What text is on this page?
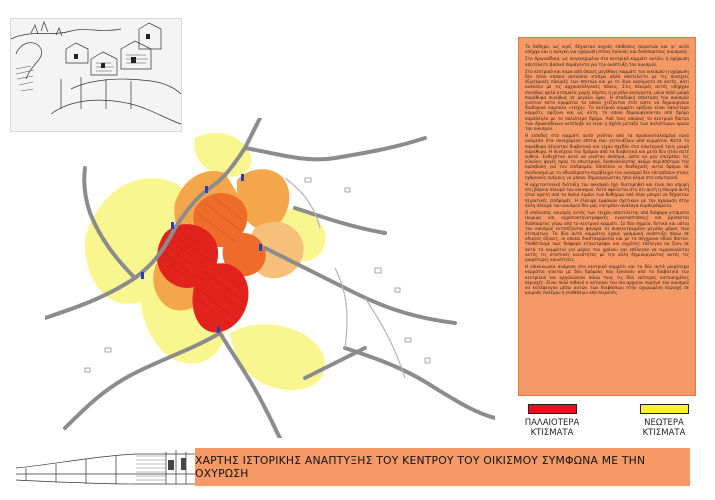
Το Κύθηρο, ως νησί, δέχονταν συχνές επιθέσεις πειρατών και γι' αυτό υπήρχε και η ανάγκη για οχύρωση στους παλιούς και διάσπαρτους οικισμούς.

Στο Αρωνιάδικα, ως συγκεκριμένα στο κεντρικό κομμάτι αυτών, η οχύρωση αποτελείτε βασικό παράγοντα για την ανάπτυξη του οικισμού.

Στο κεντρικό και καρα από όποιες μεγέθους κομμάτι του οικισμού η οχύρωση δεν ήταν κάποιο αυτούσιο κτίσμα αλλά αποτελείτο με τις συνεχείς εξωτερικές πλευρές των σπιτιών και με το λίγα ανοίγματα σε αυτές, κάτι ανάλογο με τις αρχαιοελληνικές πόλεις. Στις πλευρές αυτές υπήρχαν συνήθως ψηλά κτίσματα χωρίς πόρτες ή μεγάλα ανοίγματα, μόνο πολύ μικρά παράθυρα συνήθως σε μεγάλο ύψος. Η σταδιακή επέκταση του οικισμού γινόταν κατά κομμάτια τα οποία χτίζονταν έτσι ώστε να δημιουργούν διαδοχικά καμπύλα «τείχη». Το κεντρικό κομμάτι ορίζουν είναι παλιότερο κομμάτι, ορίζουν και ως κύτη, το οποίο δημιουργούνταν από δρόμο παράλληλο με το παλιότερο δρόμο. Από τους οποίους το κεντρικό δίκτυο των Αρωνιάδικων κατέληξε να είναι η σχέση μεταξύ των παλιότερων οριών του οικισμού.

Η είσοδος στο κομμάτι αυτό γινόταν από τα προσανατολισμένα κενά ανάμεσα στα συνεχόμενα σπίτια που γειτνιάζουν από κομμάτια. Κατά τα παράθυρα λέγονταν διαβατικά και είχαν σχεδόν στο εσωτερικό τους μικρά παράθυρα. Η συνέχεια του δρόμου από τα διαβατικά και μετά δεν ήταν ποτέ ευθεία. Ενδεχόταν αυτό να γινόταν σκόπιμα, ώστε να μην επιτρέπει τις εύκολες φυγές προς το εσωτερικό, δυσκολεύοντας ακόμα περισσότερο την πρόσβαση για τον επιδρομέα. Επιπλέον οι διαδοχικές αυτοί δρόμοι σε συνδυασμό με το αδιαπέραστο περίβλημα του οικισμού δεν επιτρέπουν στους εχθρικούς ανέμους να μπουν, δημιουργώντας ήπιο κλίμα στο εσωτερικό.

Η αρχιτεκτονική διάταξη του οικισμού έχει διατηρηθεί και είναι πιο ισχυρή στη βόρεια πλευρά του οικισμού. Αυτό οφείλεται στο ότι αυτή η πλευρά αυτή ήταν ορατή από τα παλιά λιμάνι των Κυθήρων από όπου μπορεί να δέχονταν πειρατικές επιδρομές. Η έλλειψη εμφανών σχετικών με την οχύρωση στην άλλη πλευρά του οικισμού δεν μας επιτρέπει ανάλογα συμπεράσματα.

Ο υπόλοιπος οικισμός εκτός των τειχών αποτελείται από διάφορα κτίσματα (κυρίως και αγροτοκτηνοτροφικές εγκαταστάσεις) και βρίσκεται διάσπαρτος γύρω από το κεντρικό κομμάτι. Σε δύο σημεία, δυτικά και νότια του οικισμού εντοπίζονται φανερά τα συγκεντρωμένα μεγάλα μέρος των κτισμάτων. Τα δύο αυτά κομμάτια έχουν γραμμική ανάπτυξη πάνω σε οδικούς άξονες, οι οποίοι διασταυρώνται και με το σύγχρονο οδικό δίκτυο. Υποθέτουμε πως διάφορα κτηνοτρόφοι και αγρότες επέλεγαν να ζουν σε αυτά τα κομμάτια για μέρος του χρόνου και επέλεγαν να αγροικιούνται αυτές τις κτιστικές κοινότητες με την άλλη δημιουργώντας αυτές τις μικρότερες κοινότητες.

Η επικοινωνία ανάμεσα στο κεντρικό κομμάτι και τα δύο αυτά μικρότερα κομμάτια γίνεται με δύο δρόμους που ξεκινούν από τα διαβατικά του κεντρικού και οργανώνουν πάνω τους τις δύο νεότερες κατοικημένες περιοχές. Είναι πολύ πιθανό ο κάτοικοι του πιο αρχαίου πυρήνα του οικισμού να κατέφευγαν μέσω αυτών των διαβάσεων στην οχυρωμένη περιοχή σε καιρούς πολέμου ή επιθέσεων από πειρατές.

ΠΑΛΑΙΟΤΕΡΑ ΚΤΙΣΜΑΤΑ
ΝΕΩΤΕΡΑ ΚΤΙΣΜΑΤΑ
ΧΑΡΤΗΣ ΙΣΤΟΡΙΚΗΣ ΑΝΑΠΤΥΞΗΣ ΤΟΥ ΚΕΝΤΡΟΥ ΤΟΥ ΟΙΚΙΣΜΟΥ ΣΥΜΦΩΝΑ ΜΕ ΤΗΝ ΟΧΥΡΩΣΗ
